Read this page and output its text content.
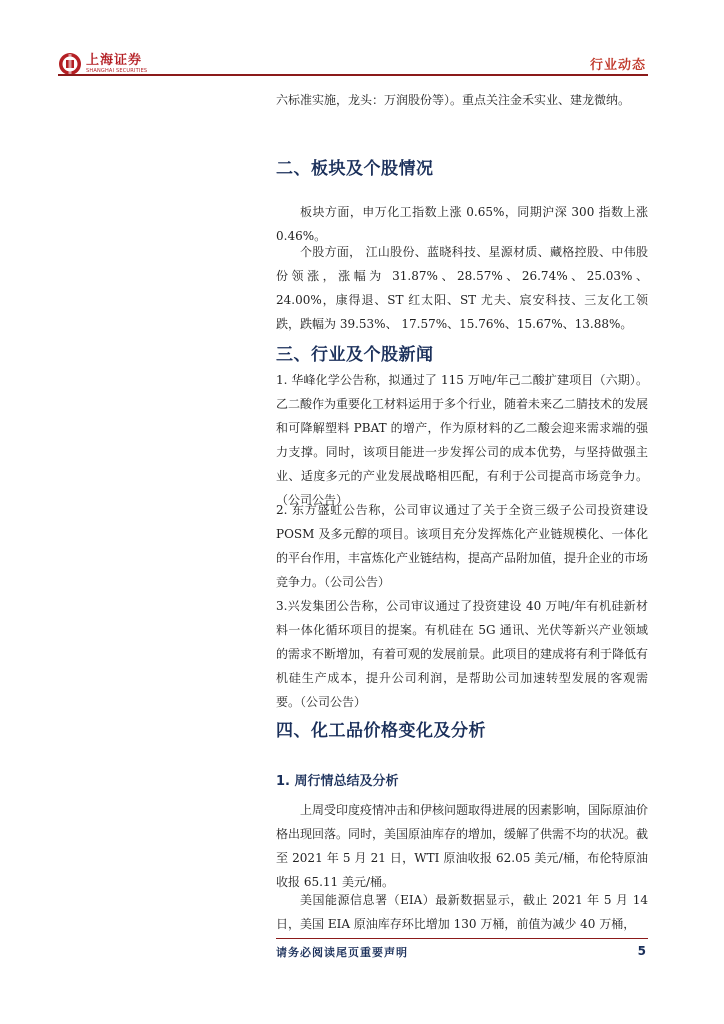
上海证券
SHANGHAI SECURITIES	行业动态
六标准实施，龙头：万润股份等）。重点关注金禾实业、建龙微纳。
二、板块及个股情况
板块方面，申万化工指数上涨 0.65%，同期沪深 300 指数上涨 0.46%。
个股方面， 江山股份、蓝晓科技、星源材质、藏格控股、中伟股份领涨，涨幅为 31.87%、28.57%、26.74%、25.03%、24.00%，康得退、ST 红太阳、ST 尤夫、宸安科技、三友化工领跌，跌幅为 39.53%、 17.57%、15.76%、15.67%、13.88%。
三、行业及个股新闻
1. 华峰化学公告称，拟通过了 115 万吨/年己二酸扩建项目（六期）。乙二酸作为重要化工材料运用于多个行业，随着未来乙二腈技术的发展和可降解塑料 PBAT 的增产，作为原材料的乙二酸会迎来需求端的强力支撑。同时，该项目能进一步发挥公司的成本优势，与坚持做强主业、适度多元的产业发展战略相匹配，有利于公司提高市场竞争力。（公司公告）
2. 东方盛虹公告称，公司审议通过了关于全资三级子公司投资建设 POSM 及多元醇的项目。该项目充分发挥炼化产业链规模化、一体化的平台作用，丰富炼化产业链结构，提高产品附加值，提升企业的市场竞争力。（公司公告）
3.兴发集团公告称，公司审议通过了投资建设 40 万吨/年有机硅新材料一体化循环项目的提案。有机硅在 5G 通讯、光伏等新兴产业领域的需求不断增加，有着可观的发展前景。此项目的建成将有利于降低有机硅生产成本，提升公司利润，是帮助公司加速转型发展的客观需要。（公司公告）
四、化工品价格变化及分析
1. 周行情总结及分析
上周受印度疫情冲击和伊核问题取得进展的因素影响，国际原油价格出现回落。同时，美国原油库存的增加，缓解了供需不均的状况。截至 2021 年 5 月 21 日，WTI 原油收报 62.05 美元/桶，布伦特原油收报 65.11 美元/桶。
美国能源信息署（EIA）最新数据显示，截止 2021 年 5 月 14 日，美国 EIA 原油库存环比增加 130 万桶，前值为减少 40 万桶，
请务必阅读尾页重要声明	5
